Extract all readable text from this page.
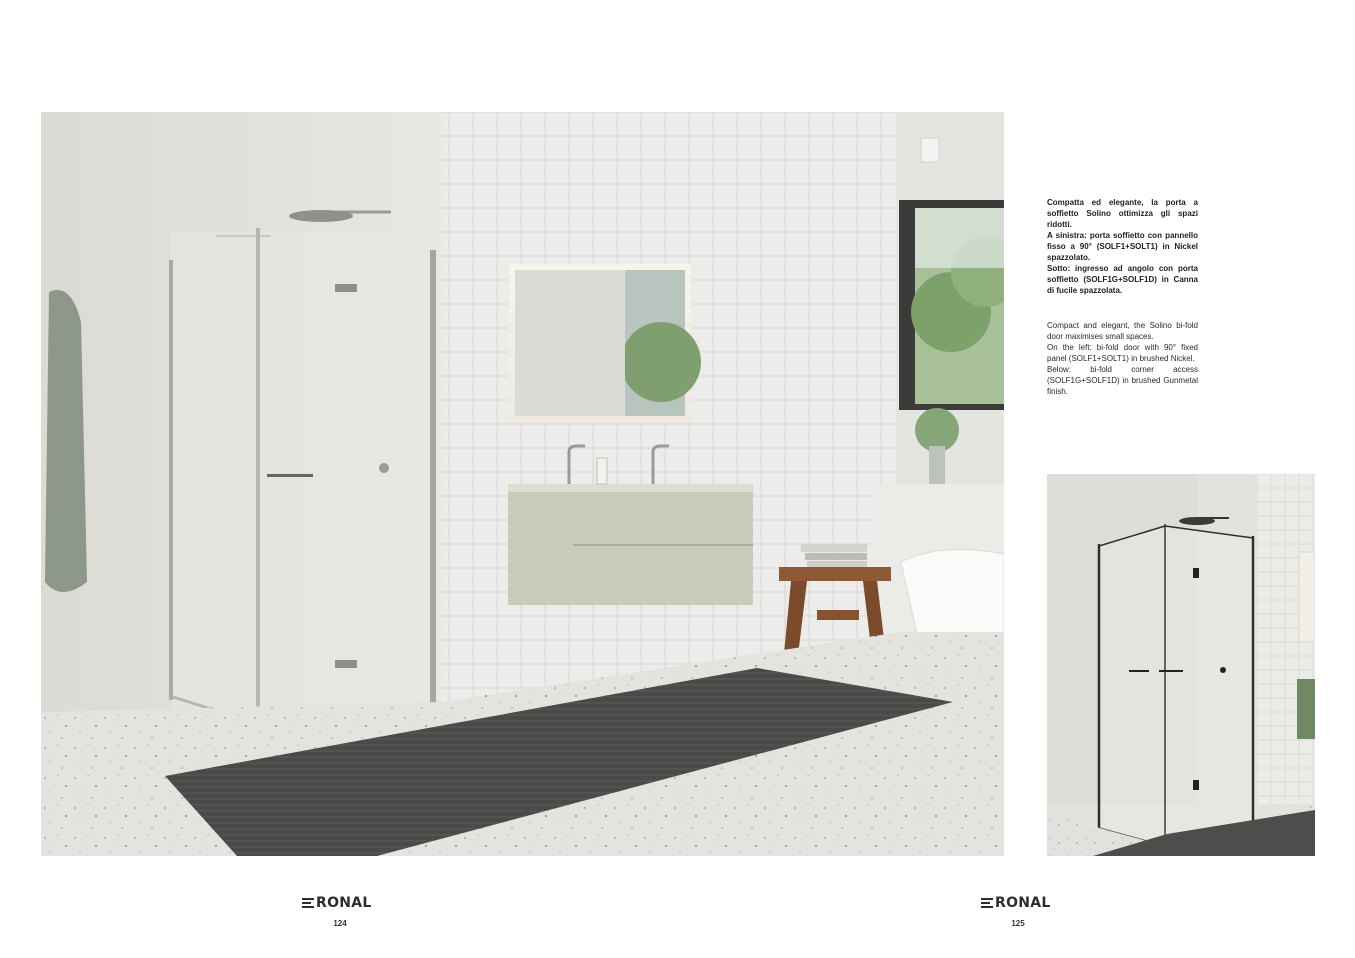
Compatta ed elegante, la porta a soffietto Solino ottimizza gli spazi ridotti.
A sinistra: porta soffietto con pannello fisso a 90° (SOLF1+SOLT1) in Nickel spazzolato.
Sotto: ingresso ad angolo con porta soffietto (SOLF1G+SOLF1D) in Canna di fucile spazzolata.
Compact and elegant, the Solino bi-fold door maximises small spaces.
On the left: bi-fold door with 90° fixed panel (SOLF1+SOLT1) in brushed Nickel.
Below: bi-fold corner access (SOLF1G+SOLF1D) in brushed Gunmetal finish.
RONAL
124
RONAL
125
